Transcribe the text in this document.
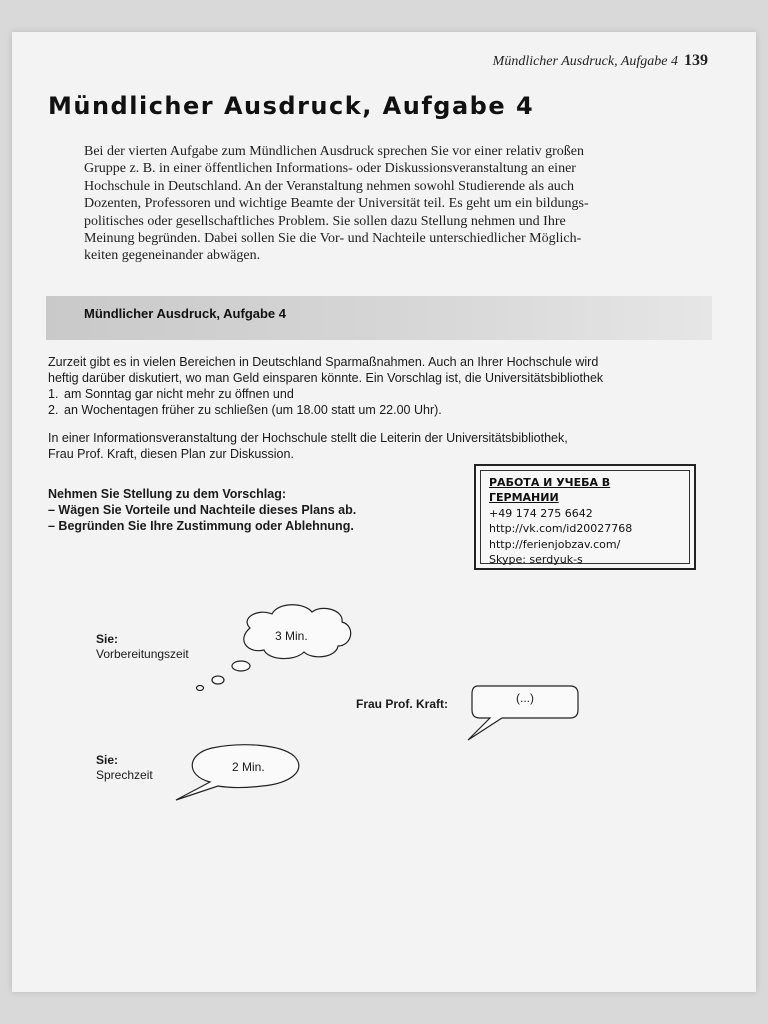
Mündlicher Ausdruck, Aufgabe 4 139
Mündlicher Ausdruck, Aufgabe 4

Bei der vierten Aufgabe zum Mündlichen Ausdruck sprechen Sie vor einer relativ großen
Gruppe z. B. in einer öffentlichen Informations- oder Diskussionsveranstaltung an einer
Hochschule in Deutschland. An der Veranstaltung nehmen sowohl Studierende als auch
Dozenten, Professoren und wichtige Beamte der Universität teil. Es geht um ein bildungs-
politisches oder gesellschaftliches Problem. Sie sollen dazu Stellung nehmen und Ihre
Meinung begründen. Dabei sollen Sie die Vor- und Nachteile unterschiedlicher Möglich-
keiten gegeneinander abwägen.

Mündlicher Ausdruck, Aufgabe 4
Zurzeit gibt es in vielen Bereichen in Deutschland Sparmaßnahmen. Auch an Ihrer Hochschule wird
heftig darüber diskutiert, wo man Geld einsparen könnte. Ein Vorschlag ist, die Universitätsbibliothek
1. am Sonntag gar nicht mehr zu öffnen und
2. an Wochentagen früher zu schließen (um 18.00 statt um 22.00 Uhr).

In einer Informationsveranstaltung der Hochschule stellt die Leiterin der Universitätsbibliothek,
Frau Prof. Kraft, diesen Plan zur Diskussion.

Nehmen Sie Stellung zu dem Vorschlag:
– Wägen Sie Vorteile und Nachteile dieses Plans ab.
– Begründen Sie Ihre Zustimmung oder Ablehnung.

РАБОТА И УЧЕБА В ГЕРМАНИИ
+49 174 275 6642
http://vk.com/id20027768
http://ferienjobzav.com/
Skype: serdyuk-s
3 Min.
(...)
2 Min.
Sie:
Vorbereitungszeit
Frau Prof. Kraft:
Sie:
Sprechzeit
